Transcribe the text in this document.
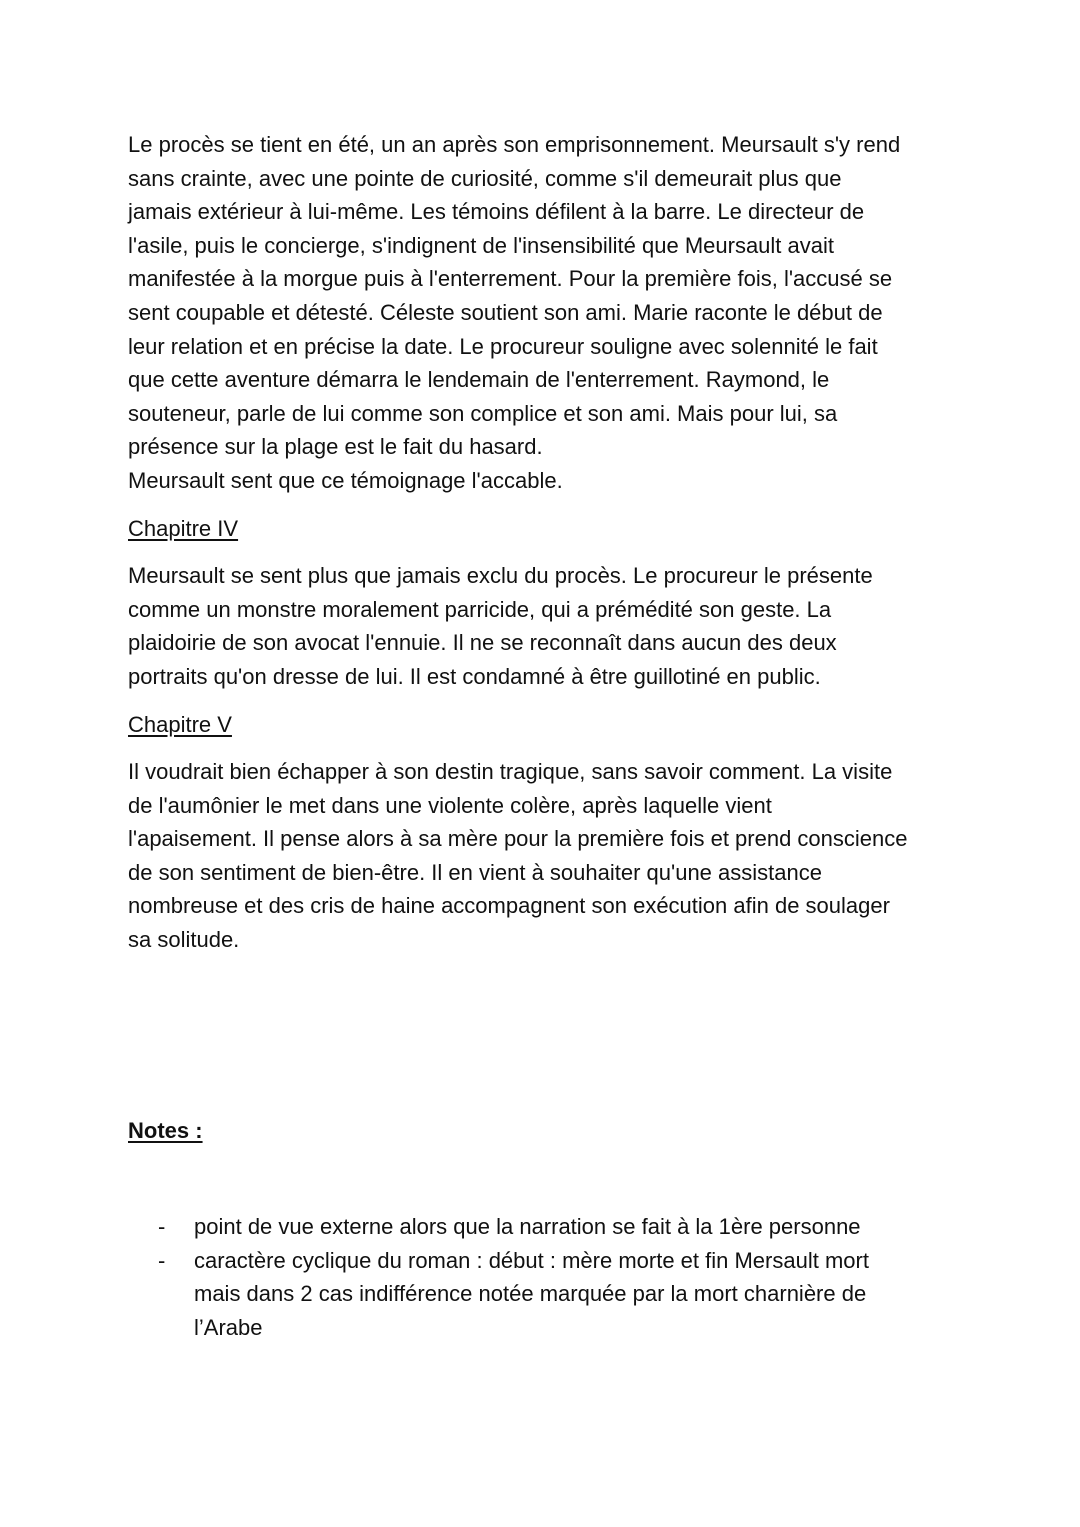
Le procès se tient en été, un an après son emprisonnement. Meursault s'y rend
sans crainte, avec une pointe de curiosité, comme s'il demeurait plus que
jamais extérieur à lui-même. Les témoins défilent à la barre. Le directeur de
l'asile, puis le concierge, s'indignent de l'insensibilité que Meursault avait
manifestée à la morgue puis à l'enterrement. Pour la première fois, l'accusé se
sent coupable et détesté. Céleste soutient son ami. Marie raconte le début de
leur relation et en précise la date. Le procureur souligne avec solennité le fait
que cette aventure démarra le lendemain de l'enterrement. Raymond, le
souteneur, parle de lui comme son complice et son ami. Mais pour lui, sa
présence sur la plage est le fait du hasard.
Meursault sent que ce témoignage l'accable.

Chapitre IV

Meursault se sent plus que jamais exclu du procès. Le procureur le présente
comme un monstre moralement parricide, qui a prémédité son geste. La
plaidoirie de son avocat l'ennuie. Il ne se reconnaît dans aucun des deux
portraits qu'on dresse de lui. Il est condamné à être guillotiné en public.

Chapitre V

Il voudrait bien échapper à son destin tragique, sans savoir comment. La visite
de l'aumônier le met dans une violente colère, après laquelle vient
l'apaisement. Il pense alors à sa mère pour la première fois et prend conscience
de son sentiment de bien-être. Il en vient à souhaiter qu'une assistance
nombreuse et des cris de haine accompagnent son exécution afin de soulager
sa solitude.

Notes :

- point de vue externe alors que la narration se fait à la 1ère personne
- caractère cyclique du roman : début : mère morte et fin Mersault mort
mais dans 2 cas indifférence notée marquée par la mort charnière de
l’Arabe
